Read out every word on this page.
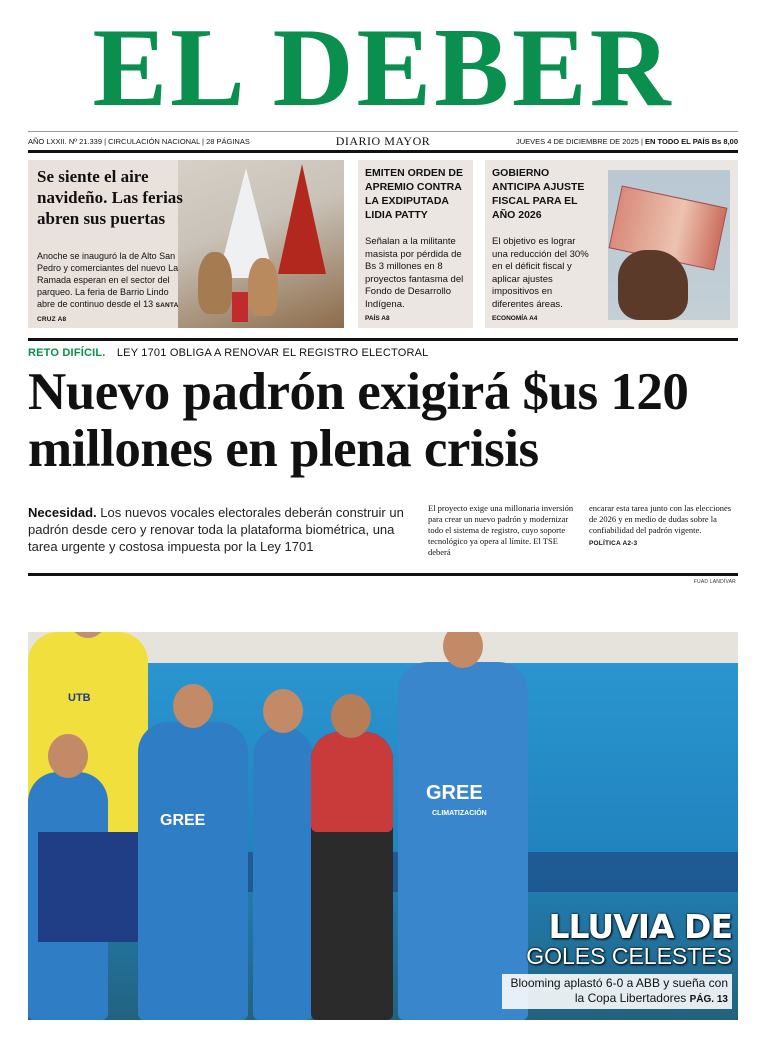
EL DEBER
AÑO LXXII. Nº 21.339 | CIRCULACIÓN NACIONAL | 28 PÁGINAS	DIARIO MAYOR	JUEVES 4 DE DICIEMBRE DE 2025 | EN TODO EL PAÍS Bs 8,00
Se siente el aire navideño. Las ferias abren sus puertas
Anoche se inauguró la de Alto San Pedro y comerciantes del nuevo La Ramada esperan en el sector del parqueo. La feria de Barrio Lindo abre de continuo desde el 13 SANTA CRUZ A8
EMITEN ORDEN DE APREMIO CONTRA LA EXDIPUTADA LIDIA PATTY
Señalan a la militante masista por pérdida de Bs 3 millones en 8 proyectos fantasma del Fondo de Desarrollo Indígena.
PAÍS A8
GOBIERNO ANTICIPA AJUSTE FISCAL PARA EL AÑO 2026
El objetivo es lograr una reducción del 30% en el déficit fiscal y aplicar ajustes impositivos en diferentes áreas.
ECONOMÍA A4
RETO DIFÍCIL. LEY 1701 OBLIGA A RENOVAR EL REGISTRO ELECTORAL
Nuevo padrón exigirá $us 120 millones en plena crisis
Necesidad. Los nuevos vocales electorales deberán construir un padrón desde cero y renovar toda la plataforma biométrica, una tarea urgente y costosa impuesta por la Ley 1701
El proyecto exige una millonaria inversión para crear un nuevo padrón y modernizar todo el sistema de registro, cuyo soporte tecnológico ya opera al límite. El TSE deberá
encarar esta tarea junto con las elecciones de 2026 y en medio de dudas sobre la confiabilidad del padrón vigente.
POLÍTICA A2-3
FUAD LANDÍVAR
GREE
GREE
CLIMATIZACIÓN
UTB
LLUVIA DE
GOLES CELESTES
Blooming aplastó 6-0 a ABB y sueña con la Copa Libertadores PÁG. 13
